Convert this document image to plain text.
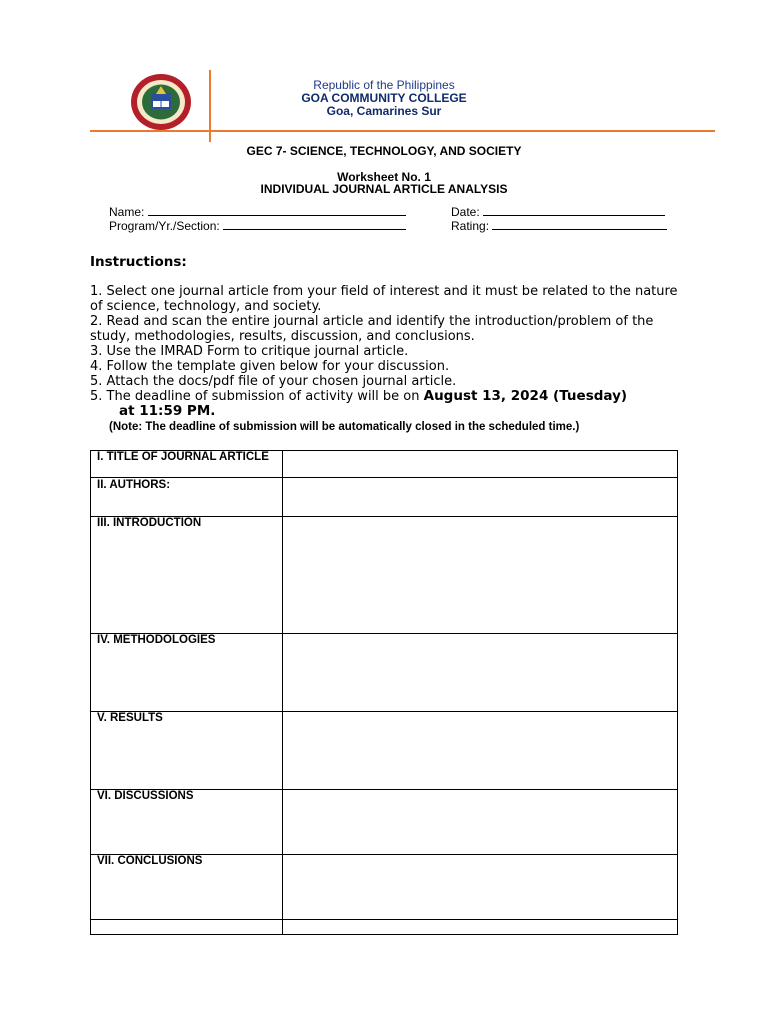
Republic of the Philippines
GOA COMMUNITY COLLEGE
Goa, Camarines Sur
GEC 7- SCIENCE, TECHNOLOGY, AND SOCIETY
Worksheet No. 1
INDIVIDUAL JOURNAL ARTICLE ANALYSIS
Name:
Program/Yr./Section:
Date:
Rating:
Instructions:

1. Select one journal article from your field of interest and it must be related to the nature of science, technology, and society.

2. Read and scan the entire journal article and identify the introduction/problem of the study, methodologies, results, discussion, and conclusions.

3. Use the IMRAD Form to critique journal article.

4. Follow the template given below for your discussion.

5. Attach the docs/pdf file of your chosen journal article.

5. The deadline of submission of activity will be on August 13, 2024 (Tuesday)

at 11:59 PM.

(Note: The deadline of submission will be automatically closed in the scheduled time.)
I. TITLE OF JOURNAL ARTICLE	
II. AUTHORS:	
III. INTRODUCTION	
IV. METHODOLOGIES	
V. RESULTS	
VI. DISCUSSIONS	
VII. CONCLUSIONS	
